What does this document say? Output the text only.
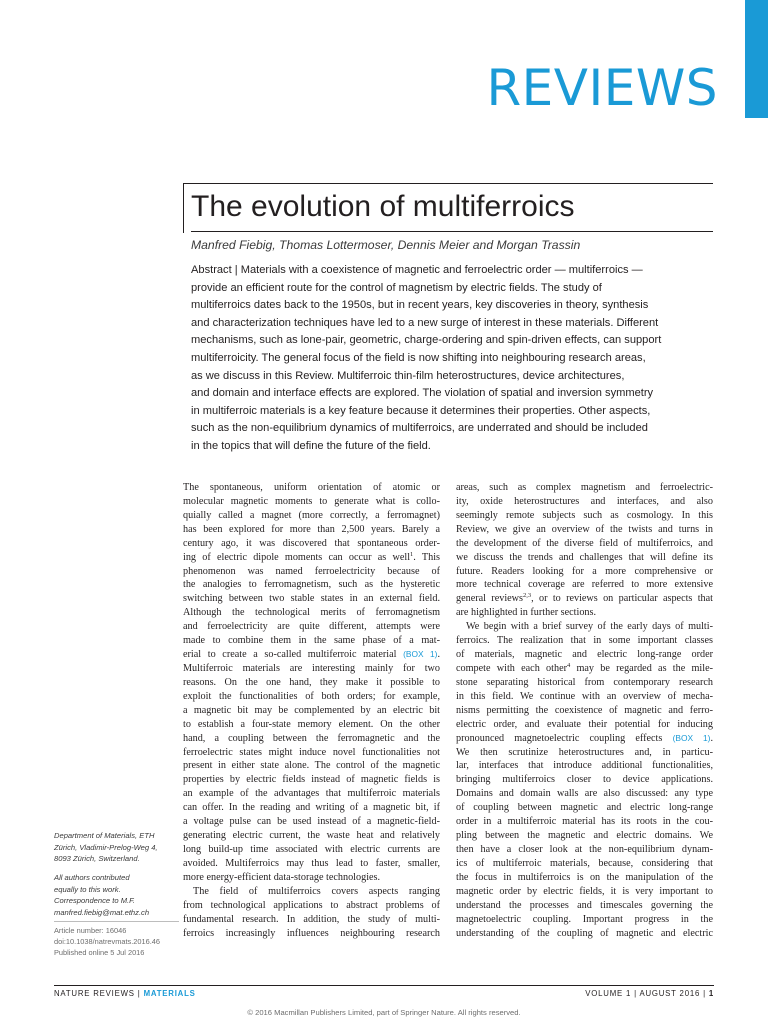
REVIEWS
The evolution of multiferroics
Manfred Fiebig, Thomas Lottermoser, Dennis Meier and Morgan Trassin
Abstract | Materials with a coexistence of magnetic and ferroelectric order — multiferroics —
provide an efficient route for the control of magnetism by electric fields. The study of
multiferroics dates back to the 1950s, but in recent years, key discoveries in theory, synthesis
and characterization techniques have led to a new surge of interest in these materials. Different
mechanisms, such as lone-pair, geometric, charge-ordering and spin-driven effects, can support
multiferroicity. The general focus of the field is now shifting into neighbouring research areas,
as we discuss in this Review. Multiferroic thin-film heterostructures, device architectures,
and domain and interface effects are explored. The violation of spatial and inversion symmetry
in multiferroic materials is a key feature because it determines their properties. Other aspects,
such as the non-equilibrium dynamics of multiferroics, are underrated and should be included
in the topics that will define the future of the field.
The spontaneous, uniform orientation of atomic or
molecular magnetic moments to generate what is collo-
quially called a magnet (more correctly, a ferromagnet)
has been explored for more than 2,500 years. Barely a
century ago, it was discovered that spontaneous order-
ing of electric dipole moments can occur as well$^1$. This
phenomenon was named ferroelectricity because of
the analogies to ferromagnetism, such as the hysteretic
switching between two stable states in an external field.
Although the technological merits of ferromagnetism
and ferroelectricity are quite different, attempts were
made to combine them in the same phase of a mat-
erial to create a so-called multiferroic material (BOX 1).
Multiferroic materials are interesting mainly for two
reasons. On the one hand, they make it possible to
exploit the functionalities of both orders; for example,
a magnetic bit may be complemented by an electric bit
to establish a four-state memory element. On the other
hand, a coupling between the ferromagnetic and the
ferroelectric states might induce novel functionalities not
present in either state alone. The control of the magnetic
properties by electric fields instead of magnetic fields is
an example of the advantages that multiferroic materials
can offer. In the reading and writing of a magnetic bit, if
a voltage pulse can be used instead of a magnetic-field-
generating electric current, the waste heat and relatively
long build-up time associated with electric currents are
avoided. Multiferroics may thus lead to faster, smaller,
more energy-efficient data-storage technologies.
The field of multiferroics covers aspects ranging
from technological applications to abstract problems of
fundamental research. In addition, the study of multi-
ferroics increasingly influences neighbouring research
areas, such as complex magnetism and ferroelectric-
ity, oxide heterostructures and interfaces, and also
seemingly remote subjects such as cosmology. In this
Review, we give an overview of the twists and turns in
the development of the diverse field of multiferroics, and
we discuss the trends and challenges that will define its
future. Readers looking for a more comprehensive or
more technical coverage are referred to more extensive
general reviews$^{2,3}$, or to reviews on particular aspects that
are highlighted in further sections.
We begin with a brief survey of the early days of multi-
ferroics. The realization that in some important classes
of materials, magnetic and electric long-range order
compete with each other$^4$ may be regarded as the mile-
stone separating historical from contemporary research
in this field. We continue with an overview of mecha-
nisms permitting the coexistence of magnetic and ferro-
electric order, and evaluate their potential for inducing
pronounced magnetoelectric coupling effects (BOX 1).
We then scrutinize heterostructures and, in particu-
lar, interfaces that introduce additional functionalities,
bringing multiferroics closer to device applications.
Domains and domain walls are also discussed: any type
of coupling between magnetic and electric long-range
order in a multiferroic material has its roots in the cou-
pling between the magnetic and electric domains. We
then have a closer look at the non-equilibrium dynam-
ics of multiferroic materials, because, considering that
the focus in multiferroics is on the manipulation of the
magnetic order by electric fields, it is very important to
understand the processes and timescales governing the
magnetoelectric coupling. Important progress in the
understanding of the coupling of magnetic and electric
Department of Materials, ETH
Zürich, Vladimir-Prelog-Weg 4,
8093 Zürich, Switzerland.
All authors contributed
equally to this work.
Correspondence to M.F.
manfred.fiebig@mat.ethz.ch
Article number: 16046
doi:10.1038/natrevmats.2016.46
Published online 5 Jul 2016
NATURE REVIEWS | MATERIALS	VOLUME 1 | AUGUST 2016 | 1
© 2016 Macmillan Publishers Limited, part of Springer Nature. All rights reserved.
